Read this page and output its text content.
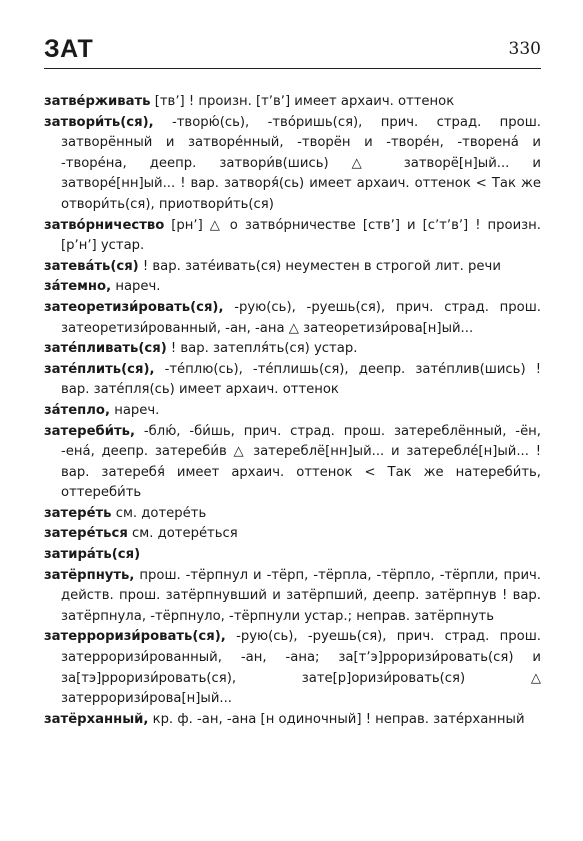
ЗАТ	330

затве́рживать [твʼ] ! произн. [тʼвʼ] имеет архаич. оттенок

затвори́ть(ся), -творю́(сь), -тво́ришь(ся), прич. страд. прош. затворённый и затворе́нный, -творён и -творе́н, -творена́ и -творе́на, деепр. затвори́в(шись) △ затворё[н]ый... и затворе́[нн]ый... ! вар. затворя́(сь) имеет архаич. оттенок < Так же отвори́ть(ся), приотвори́ть(ся)

затво́рничество [рнʼ] △ о затво́рничестве [ствʼ] и [сʼтʼвʼ] ! произн. [рʼнʼ] устар.

затева́ть(ся) ! вар. зате́ивать(ся) неуместен в строгой лит. речи

за́темно, нареч.

затеоретизи́ровать(ся), -рую(сь), -руешь(ся), прич. страд. прош. затеоретизи́рованный, -ан, -ана △ затеоретизи́рова[н]ый...

зате́пливать(ся) ! вар. затепля́ть(ся) устар.

зате́плить(ся), -те́плю(сь), -те́плишь(ся), деепр. зате́плив(шись) ! вар. зате́пля(сь) имеет архаич. оттенок

за́тепло, нареч.

затереби́ть, -блю́, -би́шь, прич. страд. прош. затереблённый, -ён, -ена́, деепр. затереби́в △ затереблё[нн]ый... и затеребле́[н]ый... ! вар. затеребя́ имеет архаич. оттенок < Так же натереби́ть, оттереби́ть

затере́ть см. дотере́ть

затере́ться см. дотере́ться

затира́ть(ся)

затёрпнуть, прош. -тёрпнул и -тёрп, -тёрпла, -тёрпло, -тёрпли, прич. действ. прош. затёрпнувший и затёрпший, деепр. затёрпнув ! вар. затёрпнула, -тёрпнуло, -тёрпнули устар.; неправ. затёрпнуть

затерроризи́ровать(ся), -рую(сь), -руешь(ся), прич. страд. прош. затерроризи́рованный, -ан, -ана; за[тʼэ]рроризи́ровать(ся) и за[тэ]рроризи́ровать(ся), зате[р]оризи́ровать(ся) △ затерроризи́рова[н]ый...

затёрханный, кр. ф. -ан, -ана [н одиночный] ! неправ. зате́рханный
